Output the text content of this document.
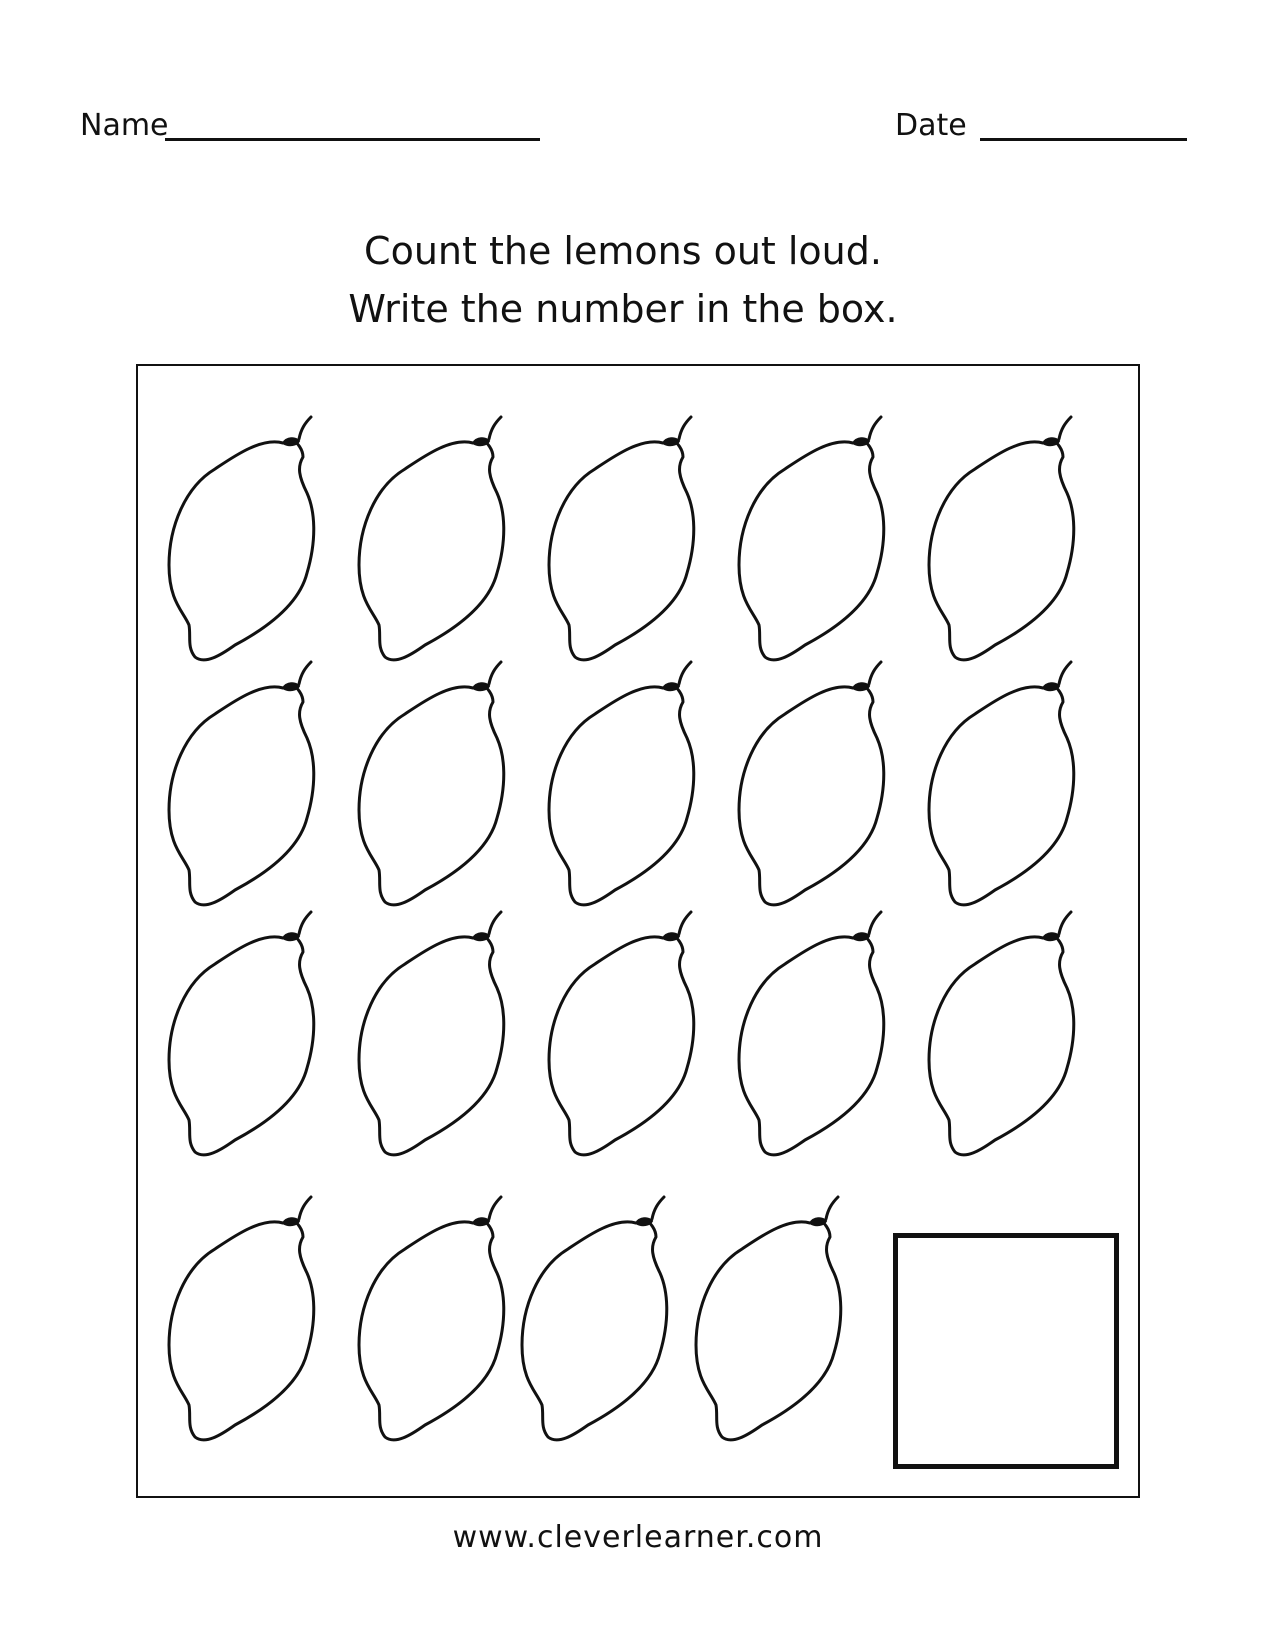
Name	Date
Count the lemons out loud.
Write the number in the box.
www.cleverlearner.com
